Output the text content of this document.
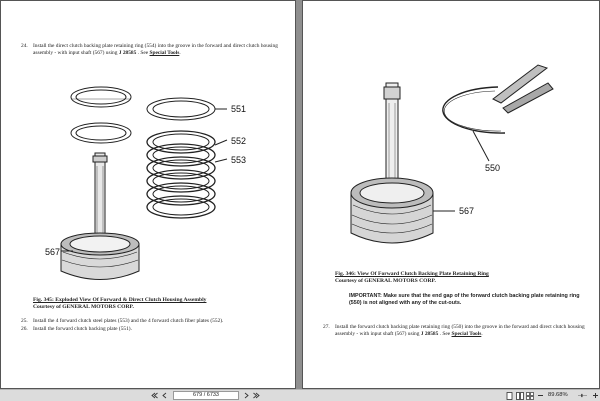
24. Install the direct clutch backing plate retaining ring (554) into the groove in the forward and direct clutch housing assembly - with input shaft (567) using J 28585 . See Special Tools.
551
552
553
567
Fig. 345: Exploded View Of Forward & Direct Clutch Housing Assembly
Courtesy of GENERAL MOTORS CORP.
25. Install the 4 forward clutch steel plates (553) and the 4 forward clutch fiber plates (552).
26. Install the forward clutch backing plate (551).
550
567
Fig. 346: View Of Forward Clutch Backing Plate Retaining Ring
Courtesy of GENERAL MOTORS CORP.
IMPORTANT: Make sure that the end gap of the forward clutch backing plate retaining ring (550) is not aligned with any of the cut-outs.
27. Install the forward clutch backing plate retaining ring (550) into the groove in the forward and direct clutch housing assembly - with input shaft (567) using J 28585 . See Special Tools.
679 / 6733	89.68%
